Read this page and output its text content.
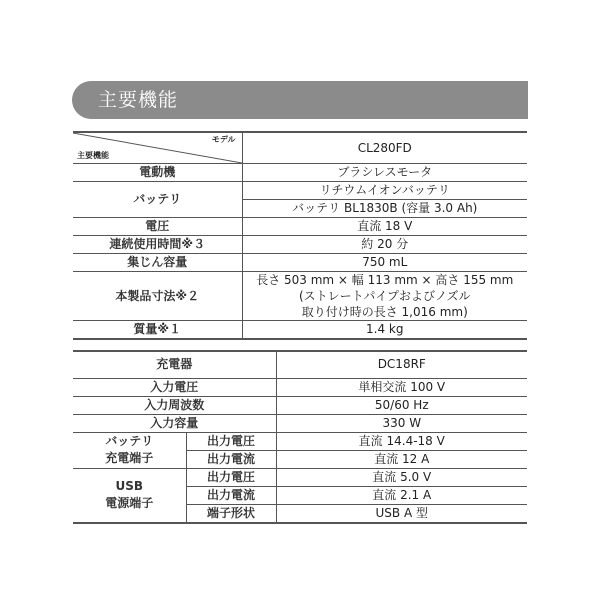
主要機能
モデル
主要機能	CL280FD
電動機	ブラシレスモータ
バッテリ	リチウムイオンバッテリ
	バッテリ BL1830B (容量 3.0 Ah)
電圧	直流 18 V
連続使用時間※３	約 20 分
集じん容量	750 mL
本製品寸法※２	長さ 503 mm × 幅 113 mm × 高さ 155 mm
(ストレートパイプおよびノズル
取り付け時の長さ 1,016 mm)

質量※１	1.4 kg
充電器		DC18RF
入力電圧		単相交流 100 V
入力周波数		50/60 Hz
入力容量		330 W

バッテリ
充電端子	出力電圧	直流 14.4-18 V
	出力電流	直流 12 A

USB
電源端子	出力電圧	直流 5.0 V
	出力電流	直流 2.1 A
	端子形状	USB A 型
